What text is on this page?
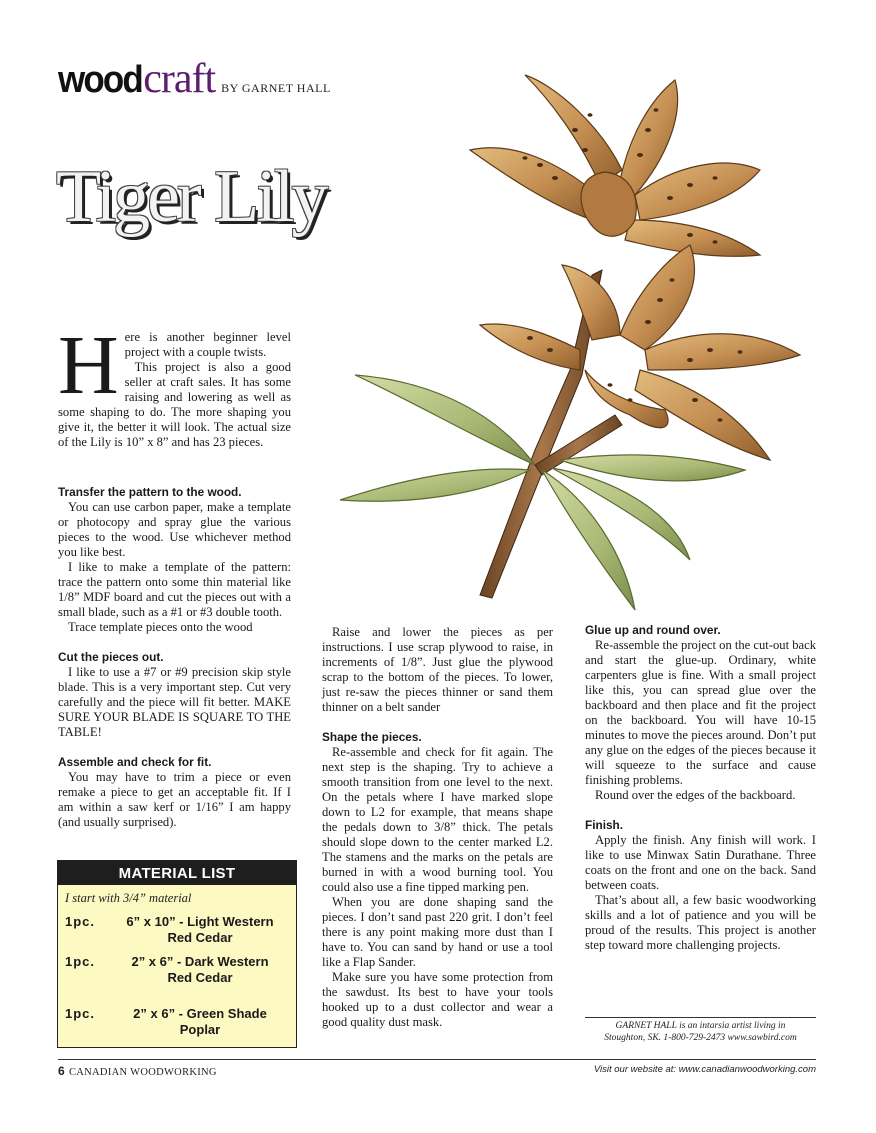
woodcraft BY GARNET HALL
Tiger Lily
H ere is another beginner level project with a couple twists.

This project is also a good seller at craft sales. It has some raising and lowering as well as some shaping to do. The more shaping you give it, the better it will look. The actual size of the Lily is 10” x 8” and has 23 pieces.

Transfer the pattern to the wood.

You can use carbon paper, make a template or photocopy and spray glue the various pieces to the wood. Use whichever method you like best.

I like to make a template of the pattern: trace the pattern onto some thin material like 1/8” MDF board and cut the pieces out with a small blade, such as a #1 or #3 double tooth.

Trace template pieces onto the wood

Cut the pieces out.

I like to use a #7 or #9 precision skip style blade. This is a very important step. Cut very carefully and the piece will fit better. MAKE SURE YOUR BLADE IS SQUARE TO THE TABLE!

Assemble and check for fit.

You may have to trim a piece or even remake a piece to get an acceptable fit. If I am within a saw kerf or 1/16” I am happy (and usually surprised).

MATERIAL LIST
I start with 3/4” material
1pc. 6” x 10” - Light Western
Red Cedar
1pc.	2” x 6” - Dark Western
Red Cedar
1pc.	2” x 6” - Green Shade
Poplar

Raise and lower the pieces as per instructions. I use scrap plywood to raise, in increments of 1/8”. Just glue the plywood scrap to the bottom of the pieces. To lower, just re-saw the pieces thinner or sand them thinner on a belt sander

Shape the pieces.

Re-assemble and check for fit again. The next step is the shaping. Try to achieve a smooth transition from one level to the next. On the petals where I have marked slope down to L2 for example, that means shape the pedals down to 3/8” thick. The petals should slope down to the center marked L2. The stamens and the marks on the petals are burned in with a wood burning tool. You could also use a fine tipped marking pen.

When you are done shaping sand the pieces. I don’t sand past 220 grit. I don’t feel there is any point making more dust than I have to. You can sand by hand or use a tool like a Flap Sander.

Make sure you have some protection from the sawdust. Its best to have your tools hooked up to a dust collector and wear a good quality dust mask.

Glue up and round over.

Re-assemble the project on the cut-out back and start the glue-up. Ordinary, white carpenters glue is fine. With a small project like this, you can spread glue over the backboard and then place and fit the project on the backboard. You will have 10-15 minutes to move the pieces around. Don’t put any glue on the edges of the pieces because it will squeeze to the surface and cause finishing problems.

Round over the edges of the backboard.

Finish.

Apply the finish. Any finish will work. I like to use Minwax Satin Durathane. Three coats on the front and one on the back. Sand between coats.

That’s about all, a few basic woodworking skills and a lot of patience and you will be proud of the results. This project is another step toward more challenging projects.

GARNET HALL is an intarsia artist living in
Stoughton, SK. 1-800-729-2473 www.sawbird.com
6 CANADIAN WOODWORKING	Visit our website at: www.canadianwoodworking.com
